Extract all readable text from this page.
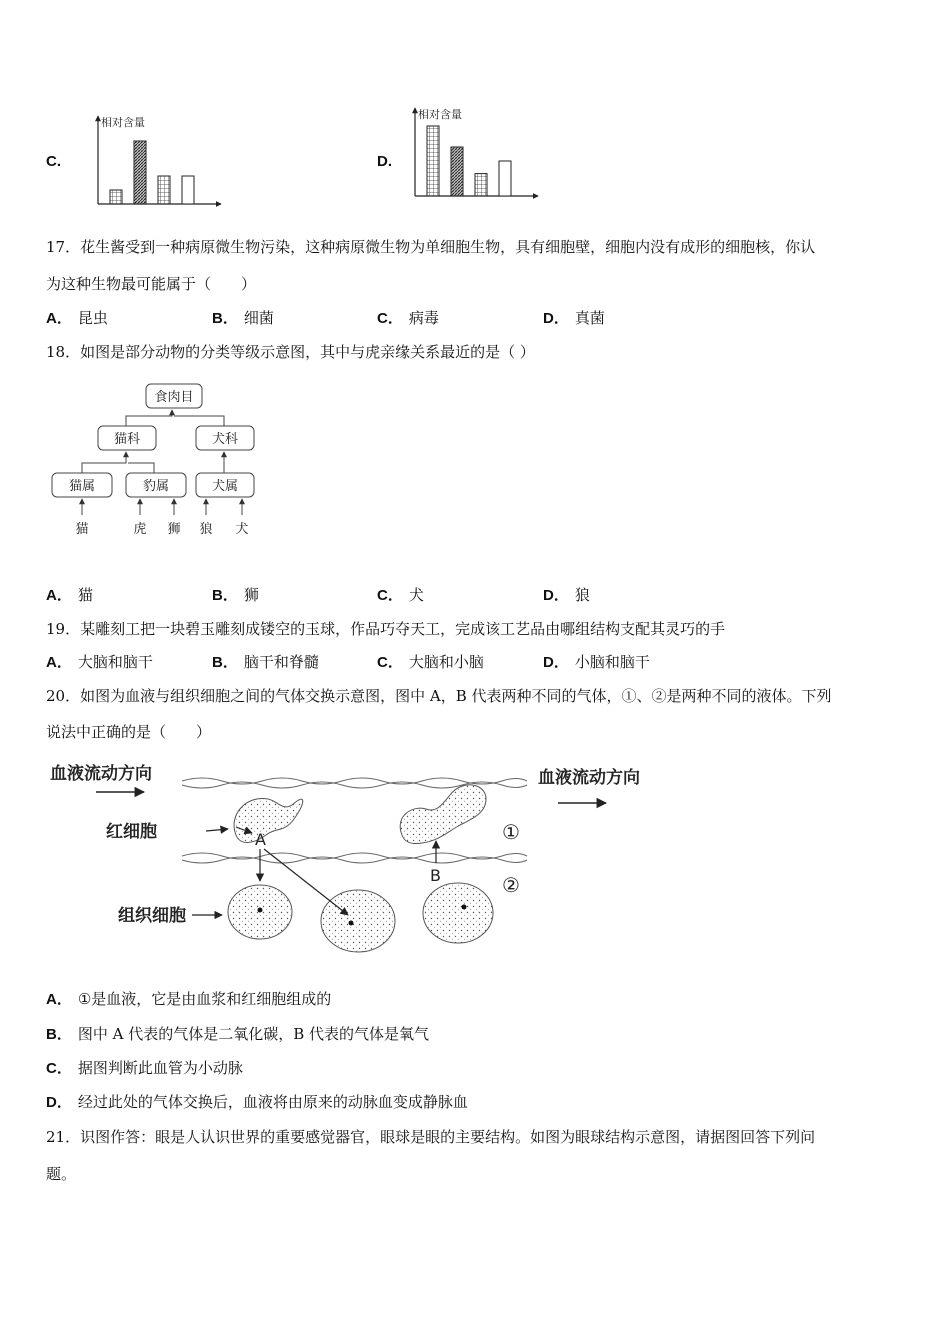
C.
相对含量
D.
相对含量
17．花生酱受到一种病原微生物污染，这种病原微生物为单细胞生物，具有细胞壁，细胞内没有成形的细胞核，你认
为这种生物最可能属于（　　）
A． 昆虫	B． 细菌	C． 病毒	D． 真菌
18．如图是部分动物的分类等级示意图，其中与虎亲缘关系最近的是（ ）
食肉目
猫科	犬科
猫属	豹属	犬属
猫	虎 狮 狼 犬
A． 猫	B． 狮	C． 犬	D． 狼
19．某雕刻工把一块碧玉雕刻成镂空的玉球，作品巧夺天工，完成该工艺品由哪组结构支配其灵巧的手
A． 大脑和脑干	B． 脑干和脊髓	C． 大脑和小脑	D． 小脑和脑干
20．如图为血液与组织细胞之间的气体交换示意图，图中 A，B 代表两种不同的气体，①、②是两种不同的液体。下列
说法中正确的是（　　）
血液流动方向	血液流动方向
红细胞
组织细胞
A
B
①
②
A． ①是血液，它是由血浆和红细胞组成的
B． 图中 A 代表的气体是二氧化碳，B 代表的气体是氧气
C． 据图判断此血管为小动脉
D． 经过此处的气体交换后，血液将由原来的动脉血变成静脉血
21．识图作答：眼是人认识世界的重要感觉器官，眼球是眼的主要结构。如图为眼球结构示意图，请据图回答下列问
题。
